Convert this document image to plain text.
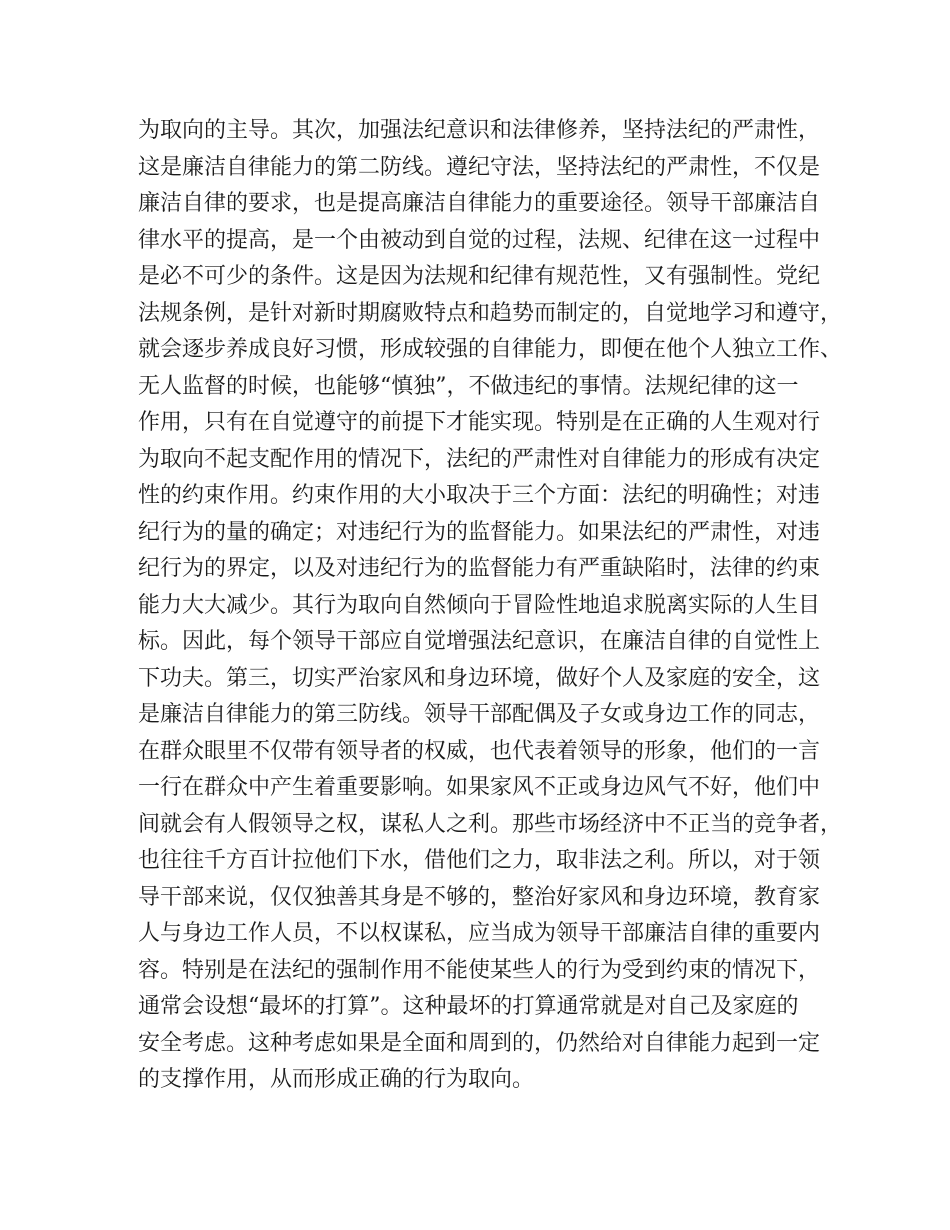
为取向的主导。其次，加强法纪意识和法律修养，坚持法纪的严肃性，
这是廉洁自律能力的第二防线。遵纪守法，坚持法纪的严肃性，不仅是
廉洁自律的要求，也是提高廉洁自律能力的重要途径。领导干部廉洁自
律水平的提高，是一个由被动到自觉的过程，法规、纪律在这一过程中
是必不可少的条件。这是因为法规和纪律有规范性，又有强制性。党纪
法规条例，是针对新时期腐败特点和趋势而制定的，自觉地学习和遵守，
就会逐步养成良好习惯，形成较强的自律能力，即便在他个人独立工作、
无人监督的时候，也能够“慎独”，不做违纪的事情。法规纪律的这一
作用，只有在自觉遵守的前提下才能实现。特别是在正确的人生观对行
为取向不起支配作用的情况下，法纪的严肃性对自律能力的形成有决定
性的约束作用。约束作用的大小取决于三个方面：法纪的明确性；对违
纪行为的量的确定；对违纪行为的监督能力。如果法纪的严肃性，对违
纪行为的界定，以及对违纪行为的监督能力有严重缺陷时，法律的约束
能力大大减少。其行为取向自然倾向于冒险性地追求脱离实际的人生目
标。因此，每个领导干部应自觉增强法纪意识，在廉洁自律的自觉性上
下功夫。第三，切实严治家风和身边环境，做好个人及家庭的安全，这
是廉洁自律能力的第三防线。领导干部配偶及子女或身边工作的同志，
在群众眼里不仅带有领导者的权威，也代表着领导的形象，他们的一言
一行在群众中产生着重要影响。如果家风不正或身边风气不好，他们中
间就会有人假领导之权，谋私人之利。那些市场经济中不正当的竞争者，
也往往千方百计拉他们下水，借他们之力，取非法之利。所以，对于领
导干部来说，仅仅独善其身是不够的，整治好家风和身边环境，教育家
人与身边工作人员，不以权谋私，应当成为领导干部廉洁自律的重要内
容。特别是在法纪的强制作用不能使某些人的行为受到约束的情况下，
通常会设想“最坏的打算”。这种最坏的打算通常就是对自己及家庭的
安全考虑。这种考虑如果是全面和周到的，仍然给对自律能力起到一定
的支撑作用，从而形成正确的行为取向。
